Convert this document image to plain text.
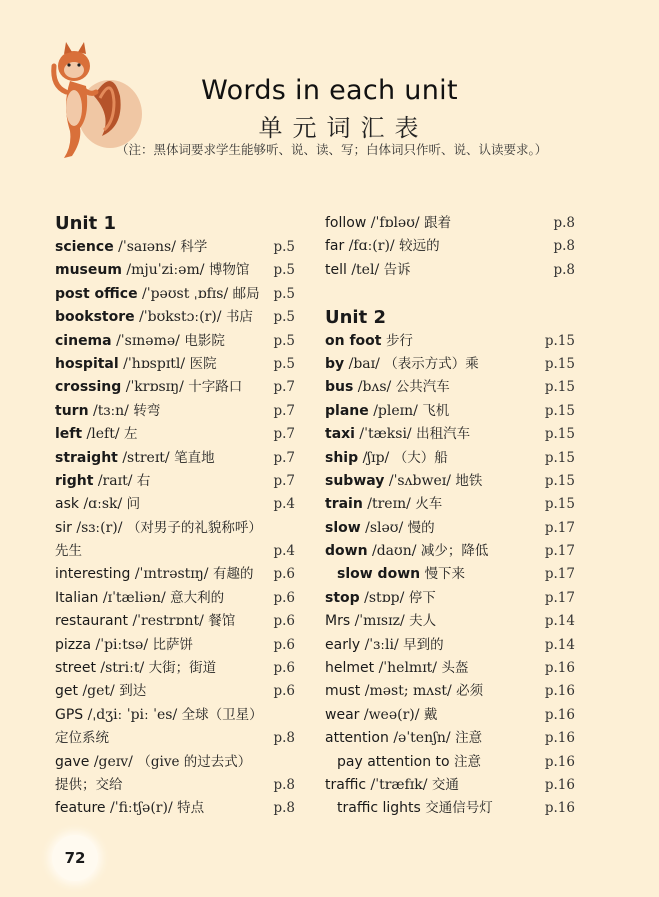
Words in each unit
单元词汇表
（注：黑体词要求学生能够听、说、读、写；白体词只作听、说、认读要求。）
Unit 1
science /ˈsaɪəns/ 科学	p.5
museum /mjuˈziːəm/ 博物馆 p.5
post office /ˈpəʊst ˌɒfɪs/ 邮局 p.5
bookstore /ˈbʊkstɔː(r)/ 书店 p.5
cinema /ˈsɪnəmə/ 电影院	p.5
hospital /ˈhɒspɪtl/ 医院	p.5
crossing /ˈkrɒsɪŋ/ 十字路口 p.7
turn /tɜːn/ 转弯	p.7
left /left/ 左	p.7
straight /streɪt/ 笔直地	p.7
right /raɪt/ 右	p.7
ask /ɑːsk/ 问	p.4
sir /sɜː(r)/ （对男子的礼貌称呼）
先生	p.4
interesting /ˈɪntrəstɪŋ/ 有趣的 p.6
Italian /ɪˈtæliən/ 意大利的	p.6
restaurant /ˈrestrɒnt/ 餐馆	p.6
pizza /ˈpiːtsə/ 比萨饼	p.6
street /striːt/ 大街；街道	p.6
get /get/ 到达	p.6
GPS /ˌdʒiː ˈpiː ˈes/ 全球（卫星）
定位系统	p.8
gave /geɪv/ （give 的过去式）
提供；交给	p.8
feature /ˈfiːtʃə(r)/ 特点	p.8
follow /ˈfɒləʊ/ 跟着	p.8
far /fɑː(r)/ 较远的	p.8
tell /tel/ 告诉	p.8
Unit 2
on foot 步行	p.15
by /baɪ/ （表示方式）乘	p.15
bus /bʌs/ 公共汽车	p.15
plane /pleɪn/ 飞机	p.15
taxi /ˈtæksi/ 出租汽车	p.15
ship /ʃɪp/ （大）船	p.15
subway /ˈsʌbweɪ/ 地铁	p.15
train /treɪn/ 火车	p.15
slow /sləʊ/ 慢的	p.17
down /daʊn/ 减少；降低	p.17
slow down 慢下来	p.17
stop /stɒp/ 停下	p.17
Mrs /ˈmɪsɪz/ 夫人	p.14
early /ˈɜːli/ 早到的	p.14
helmet /ˈhelmɪt/ 头盔	p.16
must /məst; mʌst/ 必须	p.16
wear /weə(r)/ 戴	p.16
attention /əˈtenʃn/ 注意	p.16
pay attention to 注意	p.16
traffic /ˈtræfɪk/ 交通	p.16
traffic lights 交通信号灯	p.16
72
